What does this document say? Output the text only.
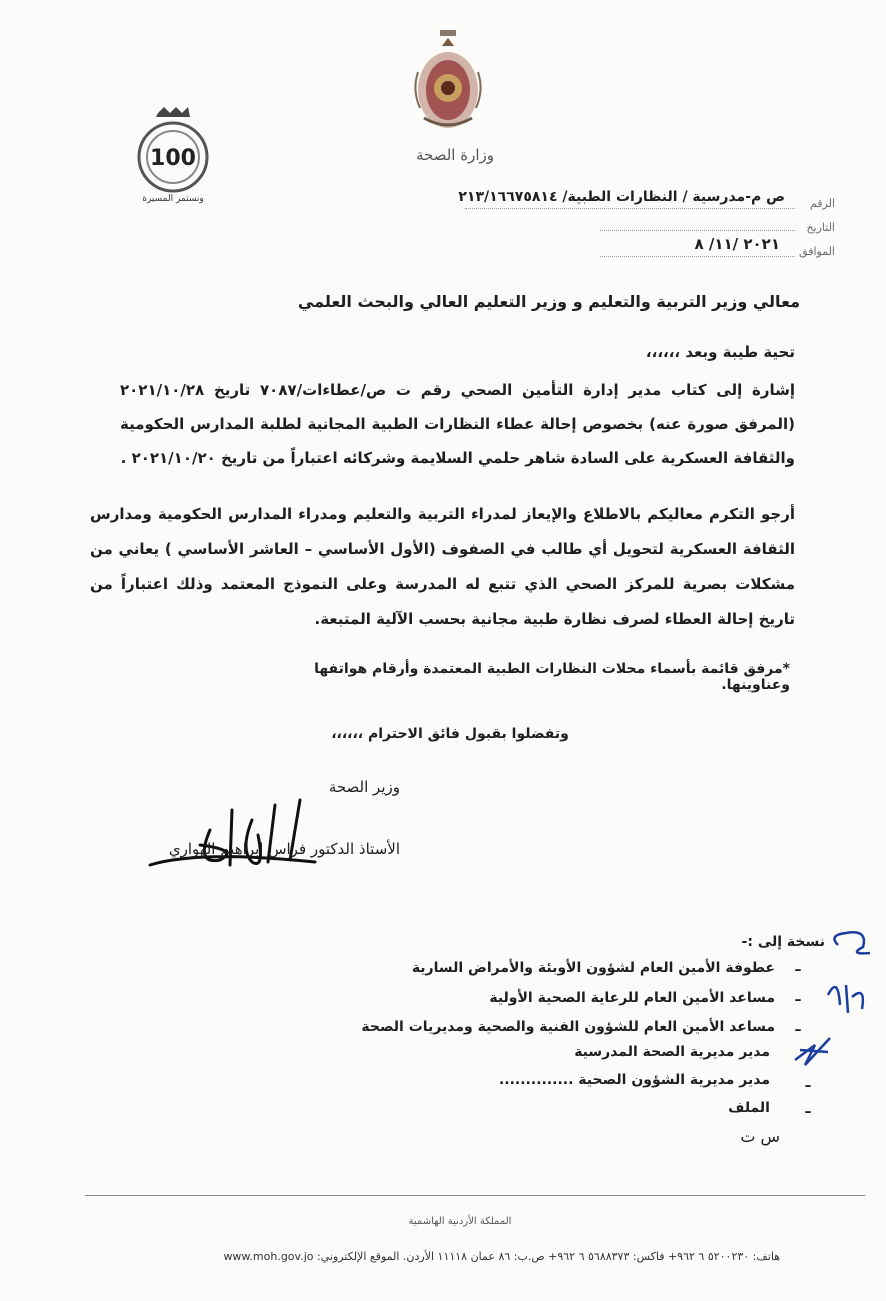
وزارة الصحة
100
ونستمر المسيرة	الرقم
ص م-مدرسية / النظارات الطبية/ ٢١٣/١٦٦٧٥٨١٤
التاريخ
الموافق
٢٠٢١ /١١/ ٨
معالي وزير التربية والتعليم و وزير التعليم العالي والبحث العلمي
تحية طيبة وبعد ،،،،،،
إشارة إلى كتاب مدير إدارة التأمين الصحي رقم ت ص/عطاءات/٧٠٨٧ تاريخ ٢٠٢١/١٠/٢٨ (المرفق صورة عنه) بخصوص إحالة عطاء النظارات الطبية المجانية لطلبة المدارس الحكومية والثقافة العسكرية على السادة شاهر حلمي السلايمة وشركائه اعتباراً من تاريخ ٢٠٢١/١٠/٢٠ .
أرجو التكرم معاليكم بالاطلاع والإيعاز لمدراء التربية والتعليم ومدراء المدارس الحكومية ومدارس الثقافة العسكرية لتحويل أي طالب في الصفوف (الأول الأساسي – العاشر الأساسي ) يعاني من مشكلات بصرية للمركز الصحي الذي تتبع له المدرسة وعلى النموذج المعتمد وذلك اعتباراً من تاريخ إحالة العطاء لصرف نظارة طبية مجانية بحسب الآلية المتبعة.
*مرفق قائمة بأسماء محلات النظارات الطبية المعتمدة وأرقام هواتفها وعناوينها.
وتفضلوا بقبول فائق الاحترام ،،،،،،
وزير الصحة
الأستاذ الدكتور فراس ابراهيم الهواري
نسخة إلى :-
–
عطوفة الأمين العام لشؤون الأوبئة والأمراض السارية
–
مساعد الأمين العام للرعاية الصحية الأولية
–
مساعد الأمين العام للشؤون الفنية والصحية ومديريات الصحة
مدير مديرية الصحة المدرسية
–
مدير مديرية الشؤون الصحية ..............
–
الملف
س ت
المملكة الأردنية الهاشمية
هاتف: ٥٢٠٠٢٣٠ ٦ ٩٦٢+ فاكس: ٥٦٨٨٣٧٣ ٦ ٩٦٢+ ص.ب: ٨٦ عمان ١١١١٨ الأردن. الموقع الإلكتروني: www.moh.gov.jo
